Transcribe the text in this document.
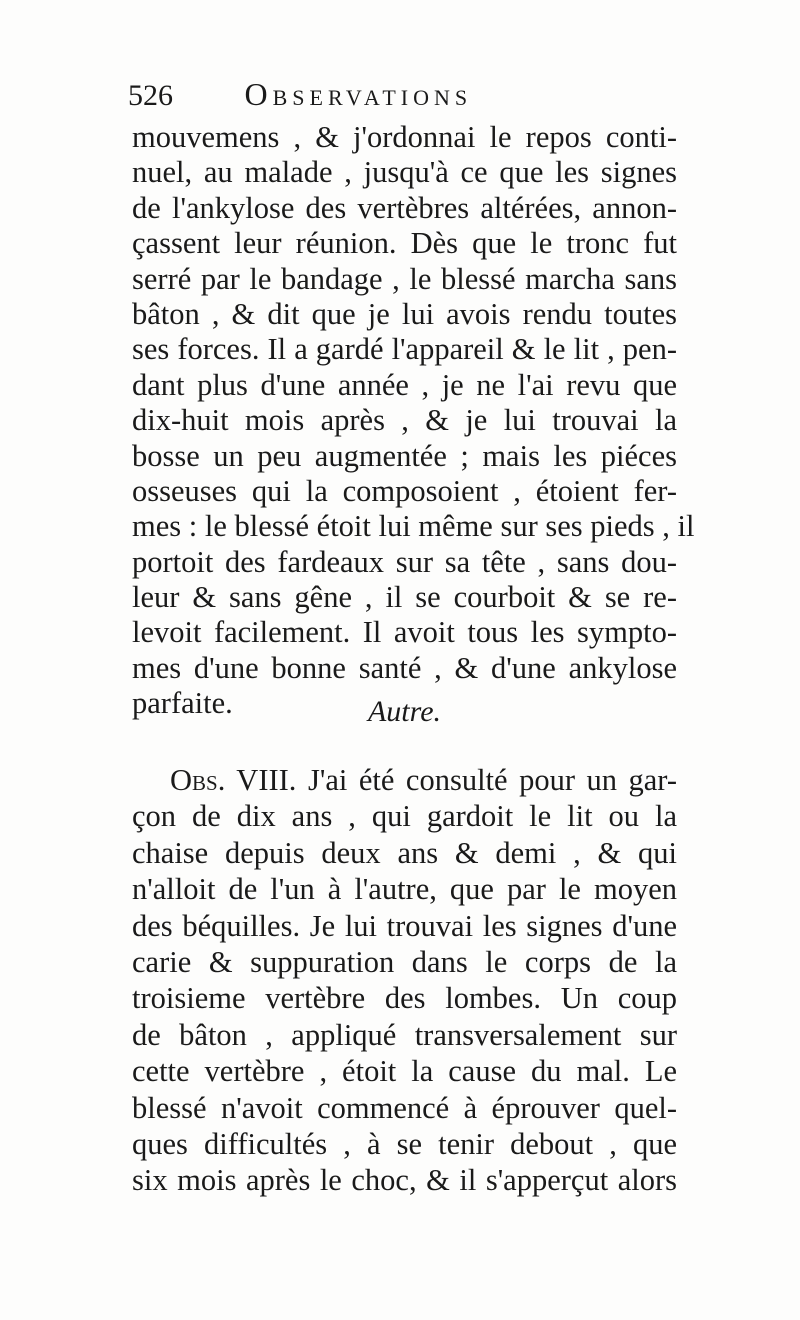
526 Observations
mouvemens , & j'ordonnai le repos conti-
nuel, au malade , jusqu'à ce que les signes
de l'ankylose des vertèbres altérées, annon-
çassent leur réunion. Dès que le tronc fut
serré par le bandage , le blessé marcha sans
bâton , & dit que je lui avois rendu toutes
ses forces. Il a gardé l'appareil & le lit , pen-
dant plus d'une année , je ne l'ai revu que
dix-huit mois après , & je lui trouvai la
bosse un peu augmentée ; mais les piéces
osseuses qui la composoient , étoient fer-
mes : le blessé étoit lui même sur ses pieds , il
portoit des fardeaux sur sa tête , sans dou-
leur & sans gêne , il se courboit & se re-
levoit facilement. Il avoit tous les sympto-
mes d'une bonne santé , & d'une ankylose
parfaite.	Autre.
Obs. VIII. J'ai été consulté pour un gar-
çon de dix ans , qui gardoit le lit ou la
chaise depuis deux ans & demi , & qui
n'alloit de l'un à l'autre, que par le moyen
des béquilles. Je lui trouvai les signes d'une
carie & suppuration dans le corps de la
troisieme vertèbre des lombes. Un coup
de bâton , appliqué transversalement sur
cette vertèbre , étoit la cause du mal. Le
blessé n'avoit commencé à éprouver quel-
ques difficultés , à se tenir debout , que
six mois après le choc, & il s'apperçut alors
